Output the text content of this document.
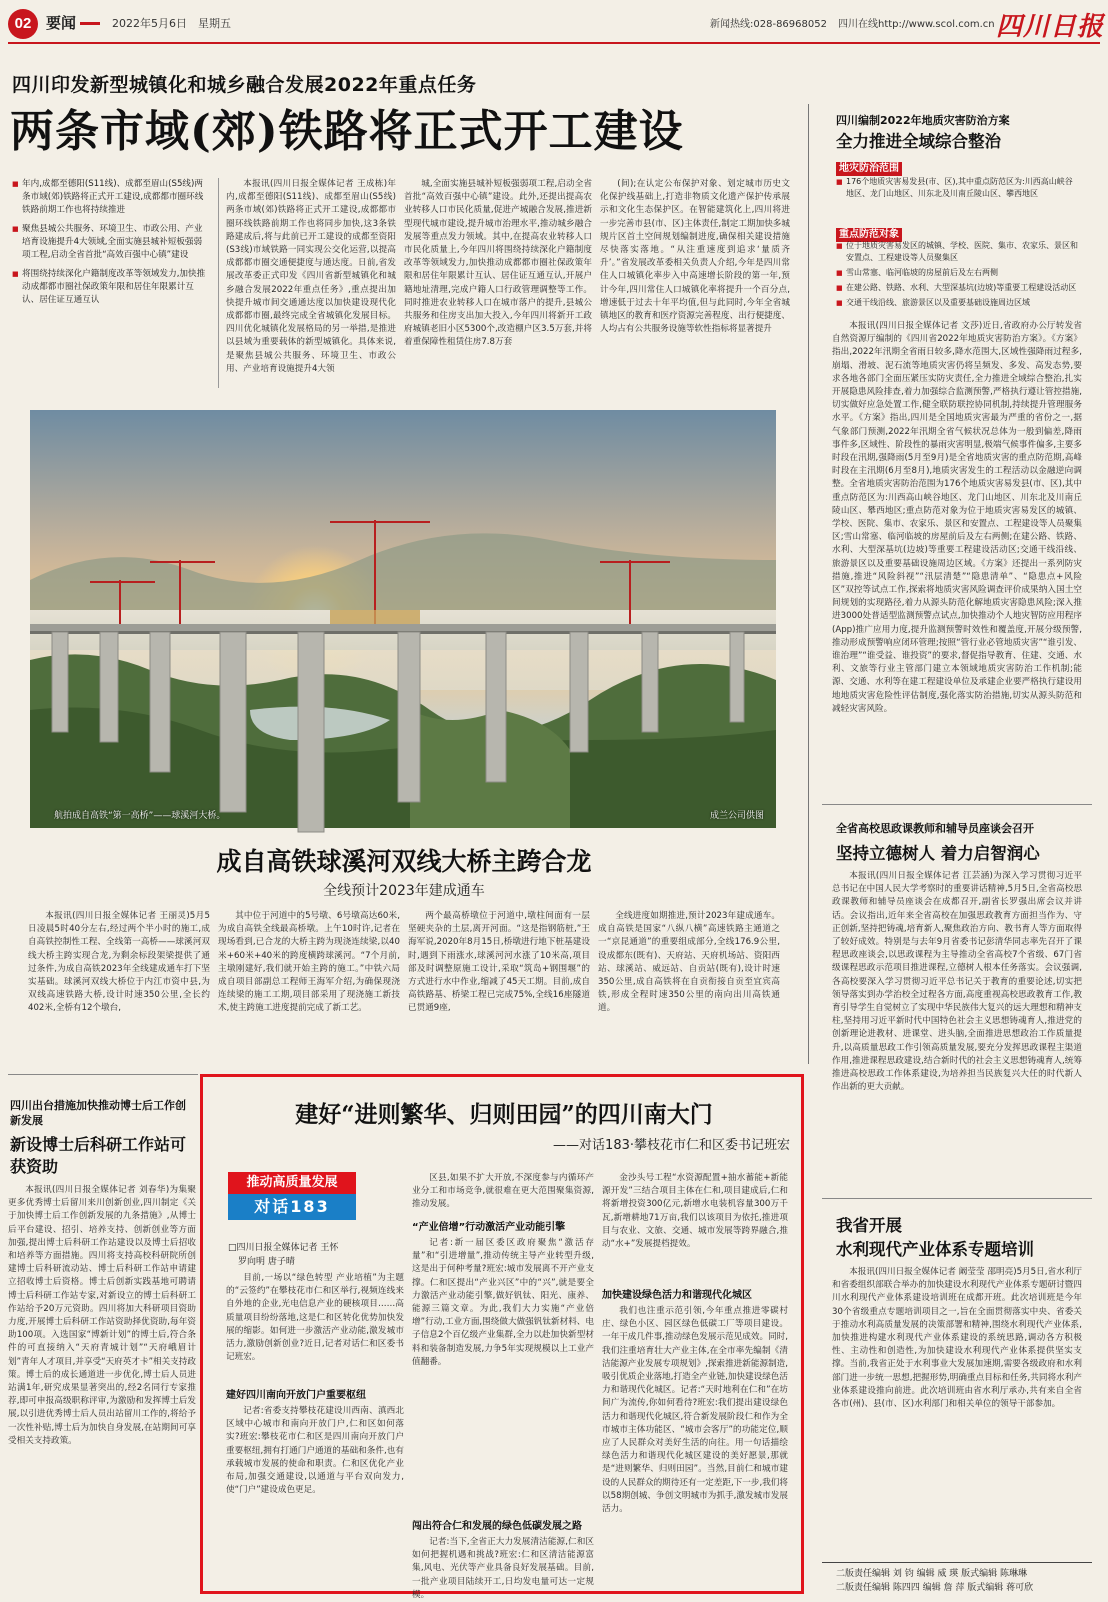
02 要闻	2022年5月6日 星期五	新闻热线:028-86968052 四川在线http://www.scol.com.cn 四川日报
四川印发新型城镇化和城乡融合发展2022年重点任务
两条市域(郊)铁路将正式开工建设
■ 年内,成都至德阳(S11线)、成都至眉山(S5线)两条市域(郊)铁路将正式开工建设,成都都市圈环线铁路前期工作也将持续推进
■ 聚焦县城公共服务、环境卫生、市政公用、产业培育设施提升4大领域,全面实施县城补短板强弱项工程,启动全省首批“高效百强中心镇”建设
■ 将围绕持续深化户籍制度改革等领域发力,加快推动成都都市圈社保政策年限和居住年限累计互认、居住证互通互认

本报讯(四川日报全媒体记者 王成栋)年内,成都至德阳(S11线)、成都至眉山(S5线)两条市域(郊)铁路将正式开工建设,成都都市圈环线铁路前期工作也将同步加快,这3条铁路建成后,将与此前已开工建设的成都至资阳(S3线)市域铁路一同实现公交化运营,以提高成都都市圈交通便捷度与通达度。日前,省发展改革委正式印发《四川省新型城镇化和城乡融合发展2022年重点任务》,重点提出加快提升城市间交通通达度以加快建设现代化成都都市圈,最终完成全省城镇化发展目标。四川优化城镇化发展格局的另一举措,是推进以县域为重要载体的新型城镇化。具体来说,是聚焦县城公共服务、环境卫生、市政公用、产业培育设施提升4大领

城,全面实施县城补短板强弱项工程,启动全省首批“高效百强中心镇”建设。此外,还提出提高农业转移人口市民化质量,促进产城融合发展,推进新型现代城市建设,提升城市治理水平,推动城乡融合发展等重点发力领域。其中,在提高农业转移人口市民化质量上,今年四川将围绕持续深化户籍制度改革等领域发力,加快推动成都都市圈社保政策年限和居住年限累计互认、居住证互通互认,开展户籍地址清理,完成户籍人口行政管理调整等工作。同时推进农业转移人口在城市落户的提升,县城公共服务和住房支出加大投入,今年四川将新开工政府城镇老旧小区5300个,改造棚户区3.5万套,并将着重保障性租赁住房7.8万套

(间);在认定公布保护对象、划定城市历史文化保护线基础上,打造非物质文化遗产保护传承展示和文化生态保护区。在智能建筑化上,四川将进一步完善市县(市、区)主体责任,制定工期加快多城规片区首土空间规划编制进度,确保相关建设措施尽快落实落地。“从注重速度到追求‘量质齐升’。”省发展改革委相关负责人介绍,今年是四川常住人口城镇化率步入中高速增长阶段的第一年,预计今年,四川常住人口城镇化率将提升一个百分点,增速低于过去十年平均值,但与此同时,今年全省城镇地区的教育和医疗资源完善程度、出行便捷度、人均占有公共服务设施等软性指标将显著提升

航拍成自高铁“第一高桥”——球溪河大桥。	成兰公司供图
成自高铁球溪河双线大桥主跨合龙
全线预计2023年建成通车

本报讯(四川日报全媒体记者 王丽灵)5月5日凌晨5时40分左右,经过两个半小时的施工,成自高铁控制性工程、全线第一高桥——球溪河双线大桥主跨实现合龙,为剩余标段架梁提供了通过条件,为成自高铁2023年全线建成通车打下坚实基础。球溪河双线大桥位于内江市资中县,为双线高速铁路大桥,设计时速350公里,全长约402米,全桥有12个墩台,

其中位于河道中的5号墩、6号墩高达60米,为成自高铁全线最高桥墩。上午10时许,记者在现场看到,已合龙的大桥主跨为现浇连续梁,以40米+60米+40米的跨度横跨球溪河。“7个月前,主墩刚建好,我们就开始主跨的施工。”中铁六局成自项目部副总工程师王海军介绍,为确保现浇连续梁的施工工期,项目部采用了现浇施工新技术,使主跨施工进度提前完成了新工艺。

两个最高桥墩位于河道中,墩柱间面有一层坚硬夹杂的土层,离开河面。“这是指钢筋桩,”王海军说,2020年8月15日,桥墩进行地下桩基建设时,遇到下雨涨水,球溪河河水涨了10米高,项目部及时调整原施工设计,采取“筑岛+钢围堰”的方式进行水中作业,缩减了45天工期。目前,成自高铁路基、桥梁工程已完成75%,全线16座隧道已贯通9座,

全线进度如期推进,预计2023年建成通车。成自高铁是国家“八纵八横”高速铁路主通道之一“京昆通道”的重要组成部分,全线176.9公里,设成都东(既有)、天府站、天府机场站、资阳西站、球溪站、威远站、自贡站(既有),设计时速350公里,成自高铁将在自贡衔接自贡至宜宾高铁,形成全程时速350公里的南向出川高铁通道。

四川编制2022年地质灾害防治方案
全力推进全域综合整治
地灾防治范围
■ 176个地质灾害易发县(市、区),其中重点防范区为:川西高山峡谷地区、龙门山地区、川东北及川南丘陵山区、攀西地区
重点防范对象
■ 位于地质灾害易发区的城镇、学校、医院、集市、农家乐、景区和安置点、工程建设等人员聚集区
■ 雪山常塞、临河临坡的房屋前后及左右两侧
■ 在建公路、铁路、水利、大型深基坑(边坡)等重要工程建设活动区
■ 交通干线沿线、旅游景区以及重要基础设施周边区域

本报讯(四川日报全媒体记者 文莎)近日,省政府办公厅转发省自然资源厅编制的《四川省2022年地质灾害防治方案》。《方案》指出,2022年汛期全省雨日较多,降水范围大,区域性强降雨过程多,崩塌、滑坡、泥石流等地质灾害仍将呈频发、多发、高发态势,要求各地各部门全面压紧压实防灾责任,全力推进全域综合整治,扎实开展隐患风险排查,着力加强综合监测预警,严格执行遵让管控措施,切实做好应急处置工作,健全联防联控协同机制,持续提升管理服务水平。《方案》指出,四川是全国地质灾害最为严重的省份之一,据气象部门预测,2022年汛期全省气候状况总体为一般到偏差,降雨事件多,区域性、阶段性的暴雨灾害明显,极端气候事件偏多,主要多时段在汛期,强降雨(5月至9月)是全省地质灾害的重点防范期,高峰时段在主汛期(6月至8月),地质灾害发生的工程活动以金融逆向调整。全省地质灾害防治范围为176个地质灾害易发县(市、区),其中重点防范区为:川西高山峡谷地区、龙门山地区、川东北及川南丘陵山区、攀西地区;重点防范对象为位于地质灾害易发区的城镇、学校、医院、集市、农家乐、景区和安置点、工程建设等人员聚集区;雪山常塞、临河临坡的房屋前后及左右两侧;在建公路、铁路、水利、大型深基坑(边坡)等重要工程建设活动区;交通干线沿线、旅游景区以及重要基础设施周边区域。《方案》还提出一系列防灾措施,推进“风险斜视”“汛层清楚”“隐患清单”、“隐患点+风险区”双控等试点工作,探索将地质灾害风险调查评价成果纳入国土空间规划的实现路径,着力从源头防范化解地质灾害隐患风险;深入推进3000处普适型监测预警点试点,加快推动个人地灾智防应用程序(App)推广应用力度,提升监测预警时效性和覆盖度,开展分级预警,推动形成预警响应闭环管理;按照“管行业必管地质灾害”“谁引发、谁治理”“谁受益、谁投资”的要求,督促指导教育、住建、交通、水利、文旅等行业主管部门建立本领域地质灾害防治工作机制;能源、交通、水利等在建工程建设单位及承建企业要严格执行建设用地地质灾害危险性评估制度,强化落实防治措施,切实从源头防范和减轻灾害风险。

全省高校思政课教师和辅导员座谈会召开
坚持立德树人 着力启智润心

本报讯(四川日报全媒体记者 江芸涵)为深入学习贯彻习近平总书记在中国人民大学考察时的重要讲话精神,5月5日,全省高校思政课教师和辅导员座谈会在成都召开,副省长罗强出席会议并讲话。会议指出,近年来全省高校在加强思政教育方面担当作为、守正创新,坚持把铸魂,培育新人,聚焦政治方向、教书育人等方面取得了较好成效。特别是与去年9月省委书记彭清华同志率先召开了课程思政座谈会,以思政课程为主导推动全省高校7个省级、67门省级课程思政示范项目推进课程,立德树人根本任务落实。会议强调,各高校要深入学习贯彻习近平总书记关于教育的重要论述,切实把领导落实到办学治校全过程各方面,高度重视高校思政教育工作,教育引导学生自觉树立了实现中华民族伟大复兴的远大理想和精神支柱,坚持用习近平新时代中国特色社会主义思想铸魂育人,推进党的创新理论进教材、进课堂、进头脑,全面推进思想政治工作质量提升,以高质量思政工作引领高质量发展,要充分发挥思政课程主渠道作用,推进课程思政建设,结合新时代的社会主义思想铸魂育人,统筹推进高校思政工作体系建设,为培养担当民族复兴大任的时代新人作出新的更大贡献。

我省开展
水利现代产业体系专题培训

本报讯(四川日报全媒体记者 阚莹莹 邵明亮)5月5日,省水利厅和省委组织部联合举办的加快建设水利现代产业体系专题研讨暨四川水利现代产业体系建设培训班在成都开班。此次培训班是今年30个省级重点专题培训项目之一,旨在全面贯彻落实中央、省委关于推动水利高质量发展的决策部署和精神,围绕水利现代产业体系,加快推进构建水利现代产业体系建设的系统思路,调动各方积极性、主动性和创造性,为加快建设水利现代产业体系提供坚实支撑。当前,我省正处于水利事业大发展加速期,需要各级政府和水利部门进一步统一思想,把握形势,明确重点目标和任务,共同将水利产业体系建设推向前进。此次培训班由省水利厅承办,共有来自全省各市(州)、县(市、区)水利部门和相关单位的领导干部参加。

二版责任编辑 刘 钧 编辑 威 瑛 版式编辑 陈琳琳
二版责任编辑 陈四四 编辑 詹 萍 版式编辑 蒋可欣
四川出台措施加快推动博士后工作创新发展
新设博士后科研工作站可获资助

本报讯(四川日报全媒体记者 刘春华)为集聚更多优秀博士后留川来川创新创业,四川制定《关于加快博士后工作创新发展的九条措施》,从博士后平台建设、招引、培养支持、创新创业等方面加强,提出博士后科研工作站建设以及博士后招收和培养等方面措施。四川将支持高校科研院所创建博士后科研流动站、博士后科研工作站申请建立招收博士后资格。博士后创新实践基地可聘请博士后科研工作站专家,对新设立的博士后科研工作站给予20万元资助。四川将加大科研项目资助力度,开展博士后科研工作站资助择优资助,每年资助100项。入选国家“博新计划”的博士后,符合条件的可直接纳入“天府青城计划”“天府峨眉计划”青年人才项目,并享受“天府英才卡”相关支持政策。博士后的成长通道进一步优化,博士后人员进站满1年,研究成果显著突出的,经2名同行专家推荐,即可申报高级职称评审,为激励和发挥博士后发展,以引进优秀博士后人员出站留川工作的,将给予一次性补贴,博士后为加快自身发展,在站期间可享受相关支持政策。

建好“进则繁华、归则田园”的四川南大门
——对话183·攀枝花市仁和区委书记班宏
推动高质量发展
对话183
□四川日报全媒体记者 王怀
罗向明 唐子晴

目前,一场以“绿色转型 产业培植”为主题的“云签约”在攀枝花市仁和区举行,视频连线来自外地的企业,光电信息产业的硬核项目……高质量项目纷纷落地,这是仁和区转化优势加快发展的缩影。如何进一步激活产业动能,激发城市活力,激励创新创业?近日,记者对话仁和区委书记班宏。

建好四川南向开放门户重要枢纽

记者:省委支持攀枝花建设川西南、滇西北区域中心城市和南向开放门户,仁和区如何落实?班宏:攀枝花市仁和区是四川南向开放门户重要枢纽,拥有打通门户通道的基础和条件,也有承载城市发展的使命和职责。仁和区优化产业布局,加强交通建设,以通道与平台双向发力,使“门户”建设成色更足。

区县,如果不扩大开放,不深度参与内循环产业分工和市场竞争,就很难在更大范围聚集资源,推动发展。

“产业倍增”行动激活产业动能引擎

记者:新一届区委区政府聚焦“激活存量”和“引进增量”,推动传统主导产业转型升级,这是出于何种考量?班宏:城市发展离不开产业支撑。仁和区提出“产业兴区”中的“兴”,就是要全力激活产业动能引擎,做好钒钛、阳光、康养、能源三篇文章。为此,我们大力实施“产业倍增”行动,工业方面,围绕做大做强钒钛新材料、电子信息2个百亿级产业集群,全力以赴加快新型材料和装备制造发展,力争5年实现规模以上工业产值翻番。

闯出符合仁和发展的绿色低碳发展之路

记者:当下,全省正大力发展清洁能源,仁和区如何把握机遇和挑战?班宏:仁和区清洁能源富集,风电、光伏等产业具备良好发展基础。目前,一批产业项目陆续开工,日均发电量可达一定规模。

金沙头号工程“水资源配置+抽水蓄能+新能源开发”三结合项目主体在仁和,项目建成后,仁和将新增投资300亿元,新增水电装机容量300万千瓦,新增耕地71万亩,我们以该项目为依托,推进项目与农业、文旅、交通、城市发展等跨界融合,推动“水+”发展提档提效。

加快建设绿色活力和谐现代化城区

我们也注重示范引领,今年重点推进零碳村庄、绿色小区、园区绿色低碳工厂等项目建设。一年干成几件事,推动绿色发展示范见成效。同时,我们注重培育壮大产业主体,在全市率先编制《清洁能源产业发展专项规划》,探索推进新能源制造,吸引优质企业落地,打造全产业链,加快建设绿色活力和谐现代化城区。记者:“天时地利在仁和”在坊间广为流传,你如何看待?班宏:我们提出建设绿色活力和谐现代化城区,符合新发展阶段仁和作为全市城市主体功能区、“城市会客厅”的功能定位,顺应了人民群众对美好生活的向往。用一句话描绘绿色活力和谐现代化城区建设的美好愿景,那就是“进则繁华、归则田园”。当然,目前仁和城市建设的人民群众的期待还有一定差距,下一步,我们将以58期创城、争创文明城市为抓手,激发城市发展活力。
